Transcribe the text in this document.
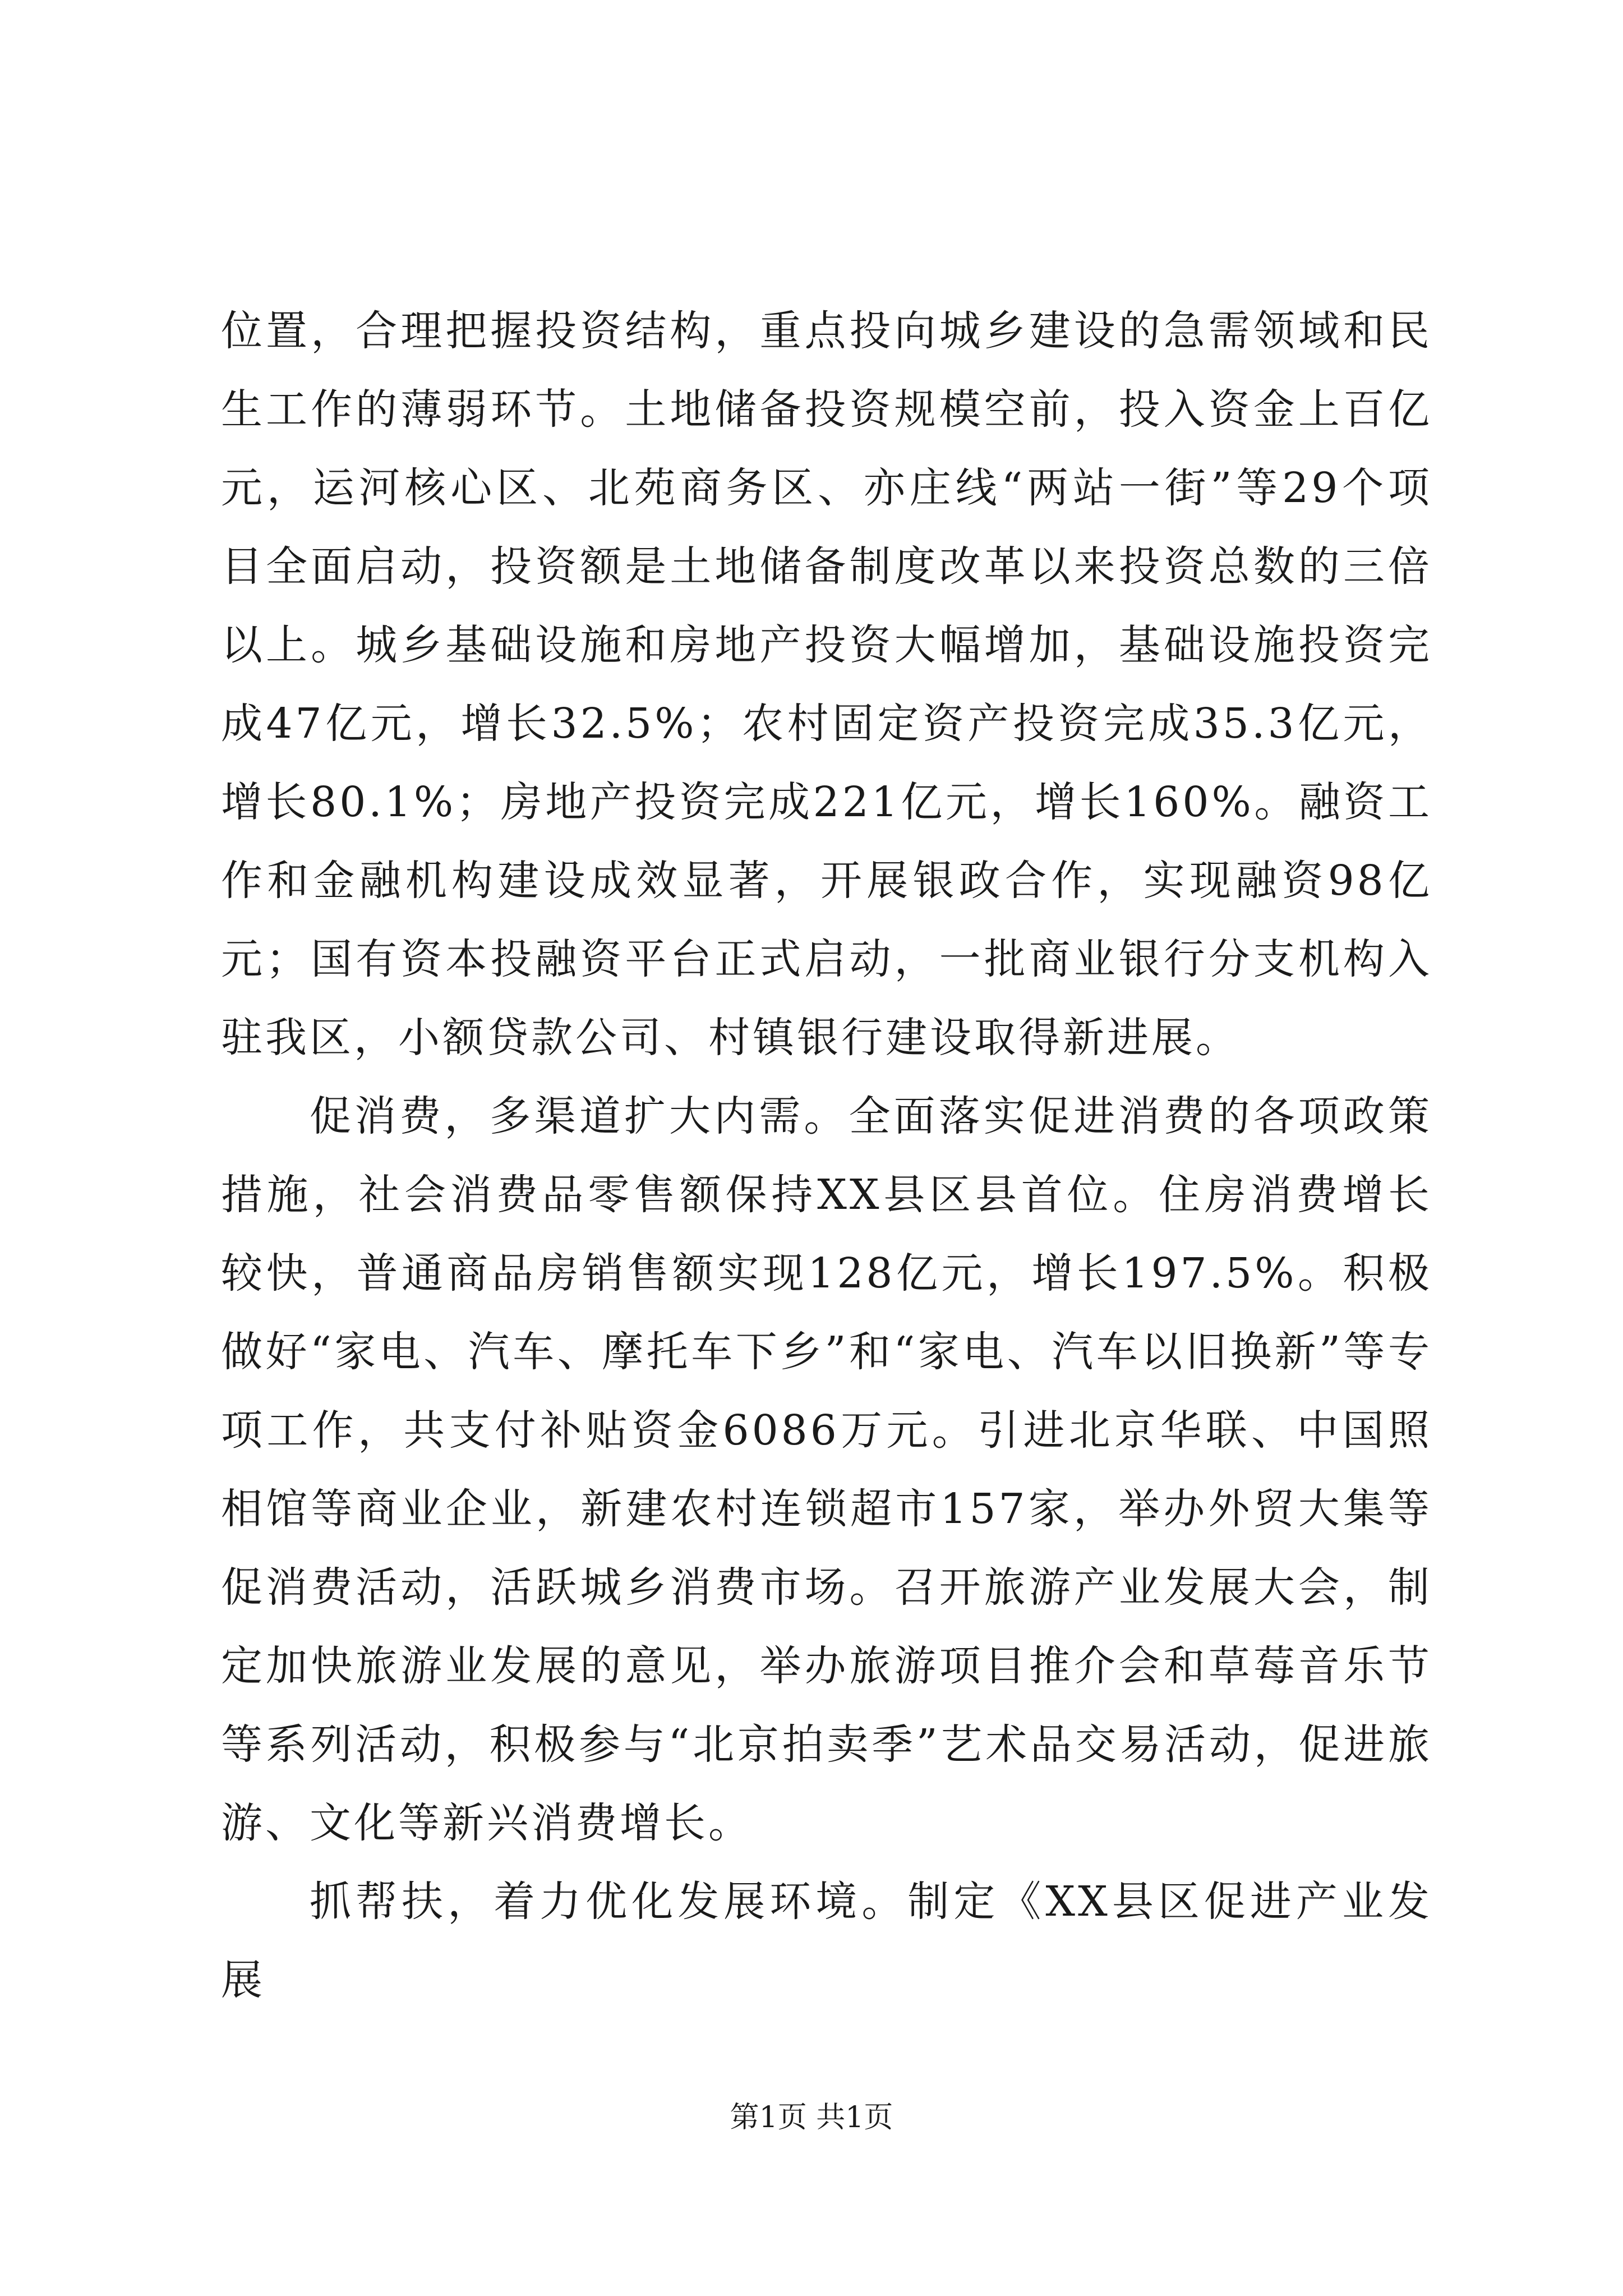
位置，合理把握投资结构，重点投向城乡建设的急需领域和民生工作的薄弱环节。土地储备投资规模空前，投入资金上百亿元，运河核心区、北苑商务区、亦庄线“两站一街”等29个项目全面启动，投资额是土地储备制度改革以来投资总数的三倍以上。城乡基础设施和房地产投资大幅增加，基础设施投资完成47亿元，增长32.5%；农村固定资产投资完成35.3亿元，增长80.1%；房地产投资完成221亿元，增长160%。融资工作和金融机构建设成效显著，开展银政合作，实现融资98亿元；国有资本投融资平台正式启动，一批商业银行分支机构入驻我区，小额贷款公司、村镇银行建设取得新进展。

促消费，多渠道扩大内需。全面落实促进消费的各项政策措施，社会消费品零售额保持XX县区县首位。住房消费增长较快，普通商品房销售额实现128亿元，增长197.5%。积极做好“家电、汽车、摩托车下乡”和“家电、汽车以旧换新”等专项工作，共支付补贴资金6086万元。引进北京华联、中国照相馆等商业企业，新建农村连锁超市157家，举办外贸大集等促消费活动，活跃城乡消费市场。召开旅游产业发展大会，制定加快旅游业发展的意见，举办旅游项目推介会和草莓音乐节等系列活动，积极参与“北京拍卖季”艺术品交易活动，促进旅游、文化等新兴消费增长。

抓帮扶，着力优化发展环境。制定《XX县区促进产业发展

第1页 共1页
